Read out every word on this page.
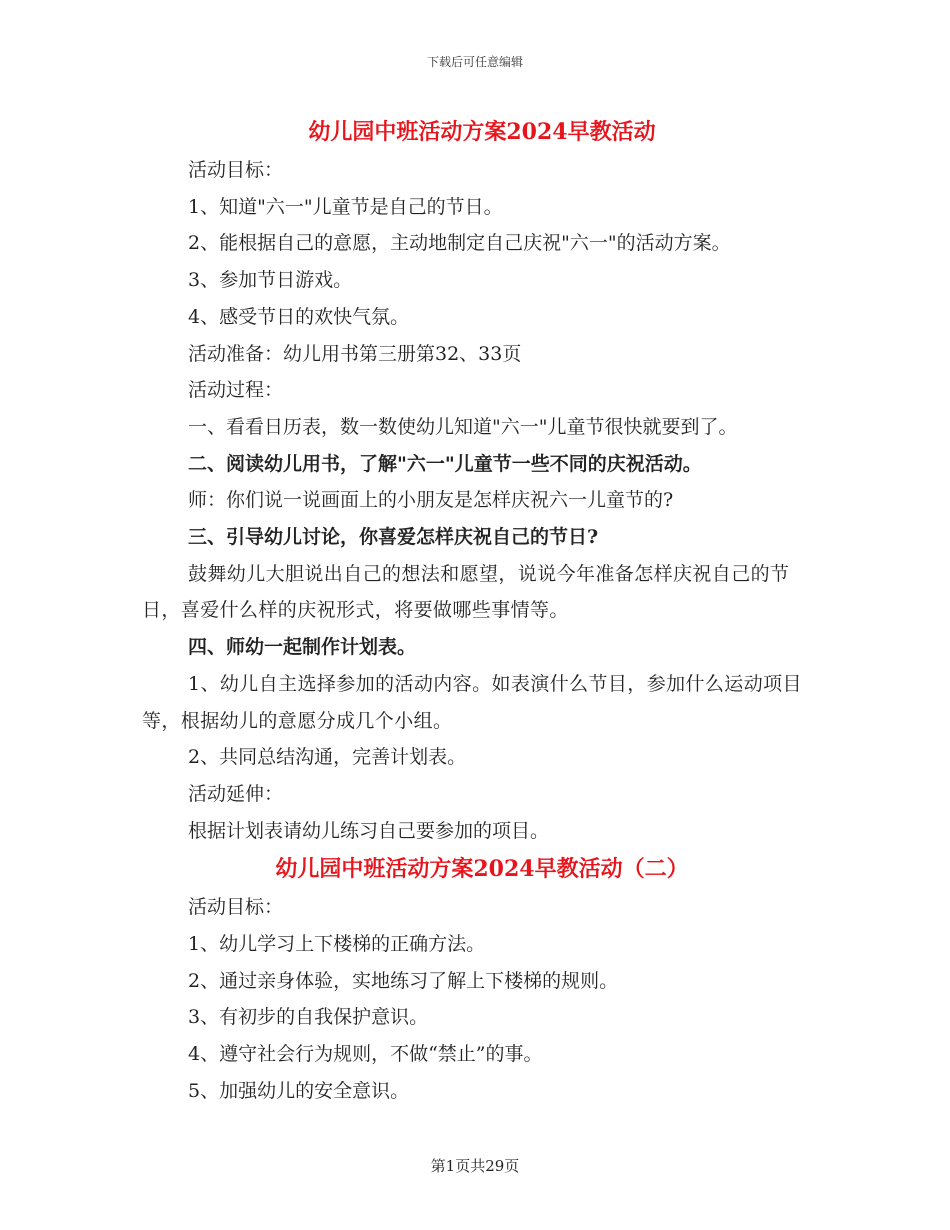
下载后可任意编辑
幼儿园中班活动方案2024早教活动

活动目标：

1、知道"六一"儿童节是自己的节日。

2、能根据自己的意愿，主动地制定自己庆祝"六一"的活动方案。

3、参加节日游戏。

4、感受节日的欢快气氛。

活动准备：幼儿用书第三册第32、33页

活动过程：

一、看看日历表，数一数使幼儿知道"六一"儿童节很快就要到了。

二、阅读幼儿用书，了解"六一"儿童节一些不同的庆祝活动。

师：你们说一说画面上的小朋友是怎样庆祝六一儿童节的?

三、引导幼儿讨论，你喜爱怎样庆祝自己的节日?

鼓舞幼儿大胆说出自己的想法和愿望，说说今年准备怎样庆祝自己的节日，喜爱什么样的庆祝形式，将要做哪些事情等。

四、师幼一起制作计划表。

1、幼儿自主选择参加的活动内容。如表演什么节目，参加什么运动项目等，根据幼儿的意愿分成几个小组。

2、共同总结沟通，完善计划表。

活动延伸：

根据计划表请幼儿练习自己要参加的项目。

幼儿园中班活动方案2024早教活动（二）

活动目标：

1、幼儿学习上下楼梯的正确方法。

2、通过亲身体验，实地练习了解上下楼梯的规则。

3、有初步的自我保护意识。

4、遵守社会行为规则，不做“禁止”的事。

5、加强幼儿的安全意识。

第1页共29页
